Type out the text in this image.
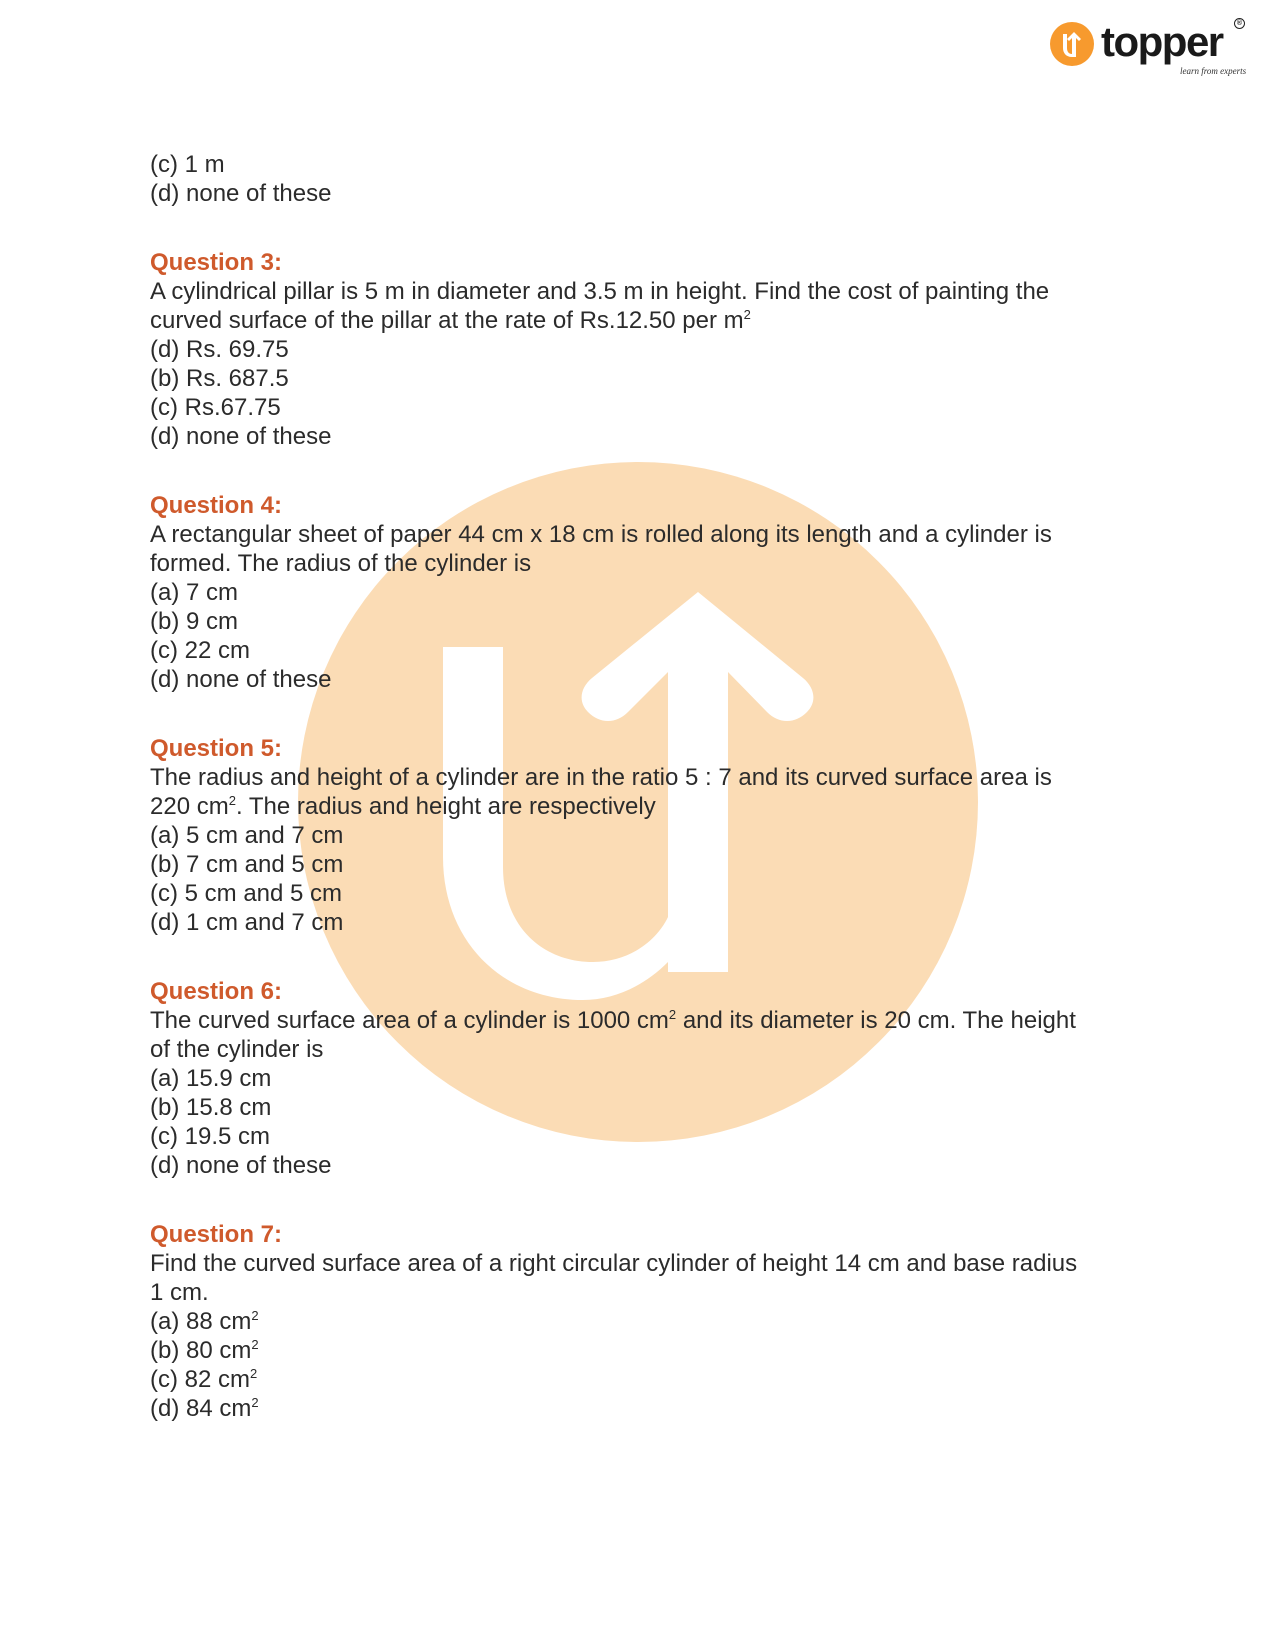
topper	®
learn from experts
(c) 1 m
(d) none of these
Question 3:
A cylindrical pillar is 5 m in diameter and 3.5 m in height. Find the cost of painting the
curved surface of the pillar at the rate of Rs.12.50 per $m^2$
(d) Rs. 69.75
(b) Rs. 687.5
(c) Rs.67.75
(d) none of these
Question 4:
A rectangular sheet of paper 44 cm x 18 cm is rolled along its length and a cylinder is
formed. The radius of the cylinder is
(a) 7 cm
(b) 9 cm
(c) 22 cm
(d) none of these
Question 5:
The radius and height of a cylinder are in the ratio 5 : 7 and its curved surface area is
220 $cm^2$. The radius and height are respectively
(a) 5 cm and 7 cm
(b) 7 cm and 5 cm
(c) 5 cm and 5 cm
(d) 1 cm and 7 cm
Question 6:
The curved surface area of a cylinder is 1000 $cm^2$ and its diameter is 20 cm. The height
of the cylinder is
(a) 15.9 cm
(b) 15.8 cm
(c) 19.5 cm
(d) none of these
Question 7:
Find the curved surface area of a right circular cylinder of height 14 cm and base radius
1 cm.
(a) 88 $cm^2$
(b) 80 $cm^2$
(c) 82 $cm^2$
(d) 84 $cm^2$
